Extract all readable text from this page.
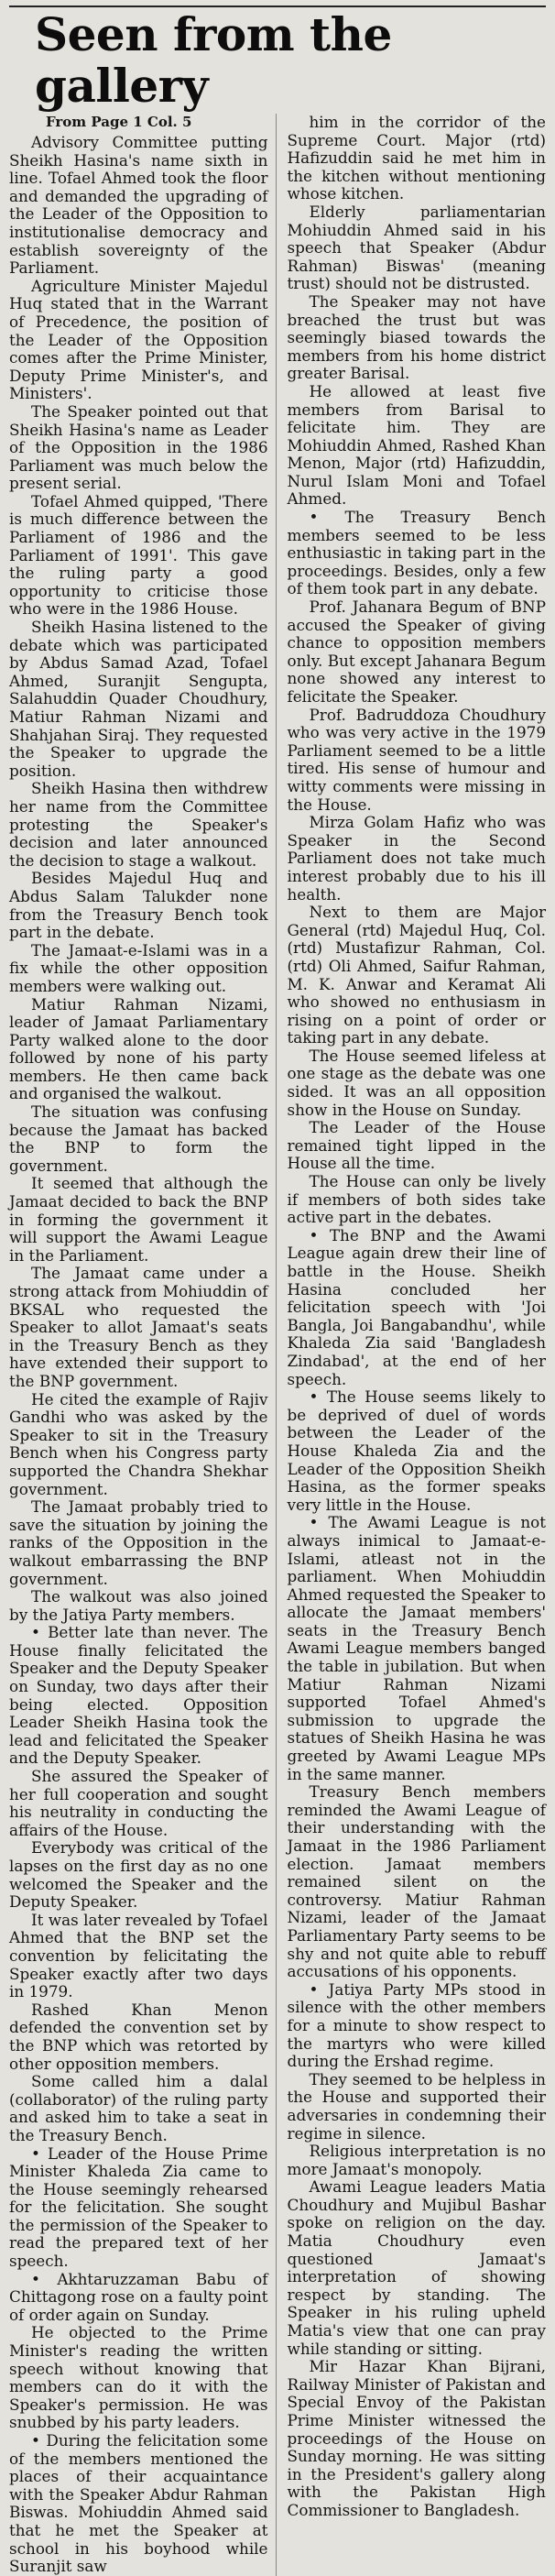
Seen from the gallery
From Page 1 Col. 5

Advisory Committee putting Sheikh Hasina's name sixth in line. Tofael Ahmed took the floor and demanded the upgrading of the Leader of the Opposition to institutionalise democracy and establish sovereignty of the Parliament.

Agriculture Minister Majedul Huq stated that in the Warrant of Precedence, the position of the Leader of the Opposition comes after the Prime Minister, Deputy Prime Minister's, and Ministers'.

The Speaker pointed out that Sheikh Hasina's name as Leader of the Opposition in the 1986 Parliament was much below the present serial.

Tofael Ahmed quipped, 'There is much difference between the Parliament of 1986 and the Parliament of 1991'. This gave the ruling party a good opportunity to criticise those who were in the 1986 House.

Sheikh Hasina listened to the debate which was participated by Abdus Samad Azad, Tofael Ahmed, Suranjit Sengupta, Salahuddin Quader Choudhury, Matiur Rahman Nizami and Shahjahan Siraj. They requested the Speaker to upgrade the position.

Sheikh Hasina then withdrew her name from the Committee protesting the Speaker's decision and later announced the decision to stage a walkout.

Besides Majedul Huq and Abdus Salam Talukder none from the Treasury Bench took part in the debate.

The Jamaat-e-Islami was in a fix while the other opposition members were walking out.

Matiur Rahman Nizami, leader of Jamaat Parliamentary Party walked alone to the door followed by none of his party members. He then came back and organised the walkout.

The situation was confusing because the Jamaat has backed the BNP to form the government.

It seemed that although the Jamaat decided to back the BNP in forming the government it will support the Awami League in the Parliament.

The Jamaat came under a strong attack from Mohiuddin of BKSAL who requested the Speaker to allot Jamaat's seats in the Treasury Bench as they have extended their support to the BNP government.

He cited the example of Rajiv Gandhi who was asked by the Speaker to sit in the Treasury Bench when his Congress party supported the Chandra Shekhar government.

The Jamaat probably tried to save the situation by joining the ranks of the Opposition in the walkout embarrassing the BNP government.

The walkout was also joined by the Jatiya Party members.

• Better late than never. The House finally felicitated the Speaker and the Deputy Speaker on Sunday, two days after their being elected. Opposition Leader Sheikh Hasina took the lead and felicitated the Speaker and the Deputy Speaker.

She assured the Speaker of her full cooperation and sought his neutrality in conducting the affairs of the House.

Everybody was critical of the lapses on the first day as no one welcomed the Speaker and the Deputy Speaker.

It was later revealed by Tofael Ahmed that the BNP set the convention by felicitating the Speaker exactly after two days in 1979.

Rashed Khan Menon defended the convention set by the BNP which was retorted by other opposition members.

Some called him a dalal (collaborator) of the ruling party and asked him to take a seat in the Treasury Bench.

• Leader of the House Prime Minister Khaleda Zia came to the House seemingly rehearsed for the felicitation. She sought the permission of the Speaker to read the prepared text of her speech.

• Akhtaruzzaman Babu of Chittagong rose on a faulty point of order again on Sunday.

He objected to the Prime Minister's reading the written speech without knowing that members can do it with the Speaker's permission. He was snubbed by his party leaders.

• During the felicitation some of the members mentioned the places of their acquaintance with the Speaker Abdur Rahman Biswas. Mohiuddin Ahmed said that he met the Speaker at school in his boyhood while Suranjit saw

him in the corridor of the Supreme Court. Major (rtd) Hafizuddin said he met him in the kitchen without mentioning whose kitchen.

Elderly parliamentarian Mohiuddin Ahmed said in his speech that Speaker (Abdur Rahman) Biswas' (meaning trust) should not be distrusted.

The Speaker may not have breached the trust but was seemingly biased towards the members from his home district greater Barisal.

He allowed at least five members from Barisal to felicitate him. They are Mohiuddin Ahmed, Rashed Khan Menon, Major (rtd) Hafizuddin, Nurul Islam Moni and Tofael Ahmed.

• The Treasury Bench members seemed to be less enthusiastic in taking part in the proceedings. Besides, only a few of them took part in any debate.

Prof. Jahanara Begum of BNP accused the Speaker of giving chance to opposition members only. But except Jahanara Begum none showed any interest to felicitate the Speaker.

Prof. Badruddoza Choudhury who was very active in the 1979 Parliament seemed to be a little tired. His sense of humour and witty comments were missing in the House.

Mirza Golam Hafiz who was Speaker in the Second Parliament does not take much interest probably due to his ill health.

Next to them are Major General (rtd) Majedul Huq, Col. (rtd) Mustafizur Rahman, Col. (rtd) Oli Ahmed, Saifur Rahman, M. K. Anwar and Keramat Ali who showed no enthusiasm in rising on a point of order or taking part in any debate.

The House seemed lifeless at one stage as the debate was one sided. It was an all opposition show in the House on Sunday.

The Leader of the House remained tight lipped in the House all the time.

The House can only be lively if members of both sides take active part in the debates.

• The BNP and the Awami League again drew their line of battle in the House. Sheikh Hasina concluded her felicitation speech with 'Joi Bangla, Joi Bangabandhu', while Khaleda Zia said 'Bangladesh Zindabad', at the end of her speech.

• The House seems likely to be deprived of duel of words between the Leader of the House Khaleda Zia and the Leader of the Opposition Sheikh Hasina, as the former speaks very little in the House.

• The Awami League is not always inimical to Jamaat-e-Islami, atleast not in the parliament. When Mohiuddin Ahmed requested the Speaker to allocate the Jamaat members' seats in the Treasury Bench Awami League members banged the table in jubilation. But when Matiur Rahman Nizami supported Tofael Ahmed's submission to upgrade the statues of Sheikh Hasina he was greeted by Awami League MPs in the same manner.

Treasury Bench members reminded the Awami League of their understanding with the Jamaat in the 1986 Parliament election. Jamaat members remained silent on the controversy. Matiur Rahman Nizami, leader of the Jamaat Parliamentary Party seems to be shy and not quite able to rebuff accusations of his opponents.

• Jatiya Party MPs stood in silence with the other members for a minute to show respect to the martyrs who were killed during the Ershad regime.

They seemed to be helpless in the House and supported their adversaries in condemning their regime in silence.

Religious interpretation is no more Jamaat's monopoly.

Awami League leaders Matia Choudhury and Mujibul Bashar spoke on religion on the day. Matia Choudhury even questioned Jamaat's interpretation of showing respect by standing. The Speaker in his ruling upheld Matia's view that one can pray while standing or sitting.

Mir Hazar Khan Bijrani, Railway Minister of Pakistan and Special Envoy of the Pakistan Prime Minister witnessed the proceedings of the House on Sunday morning. He was sitting in the President's gallery along with the Pakistan High Commissioner to Bangladesh.
